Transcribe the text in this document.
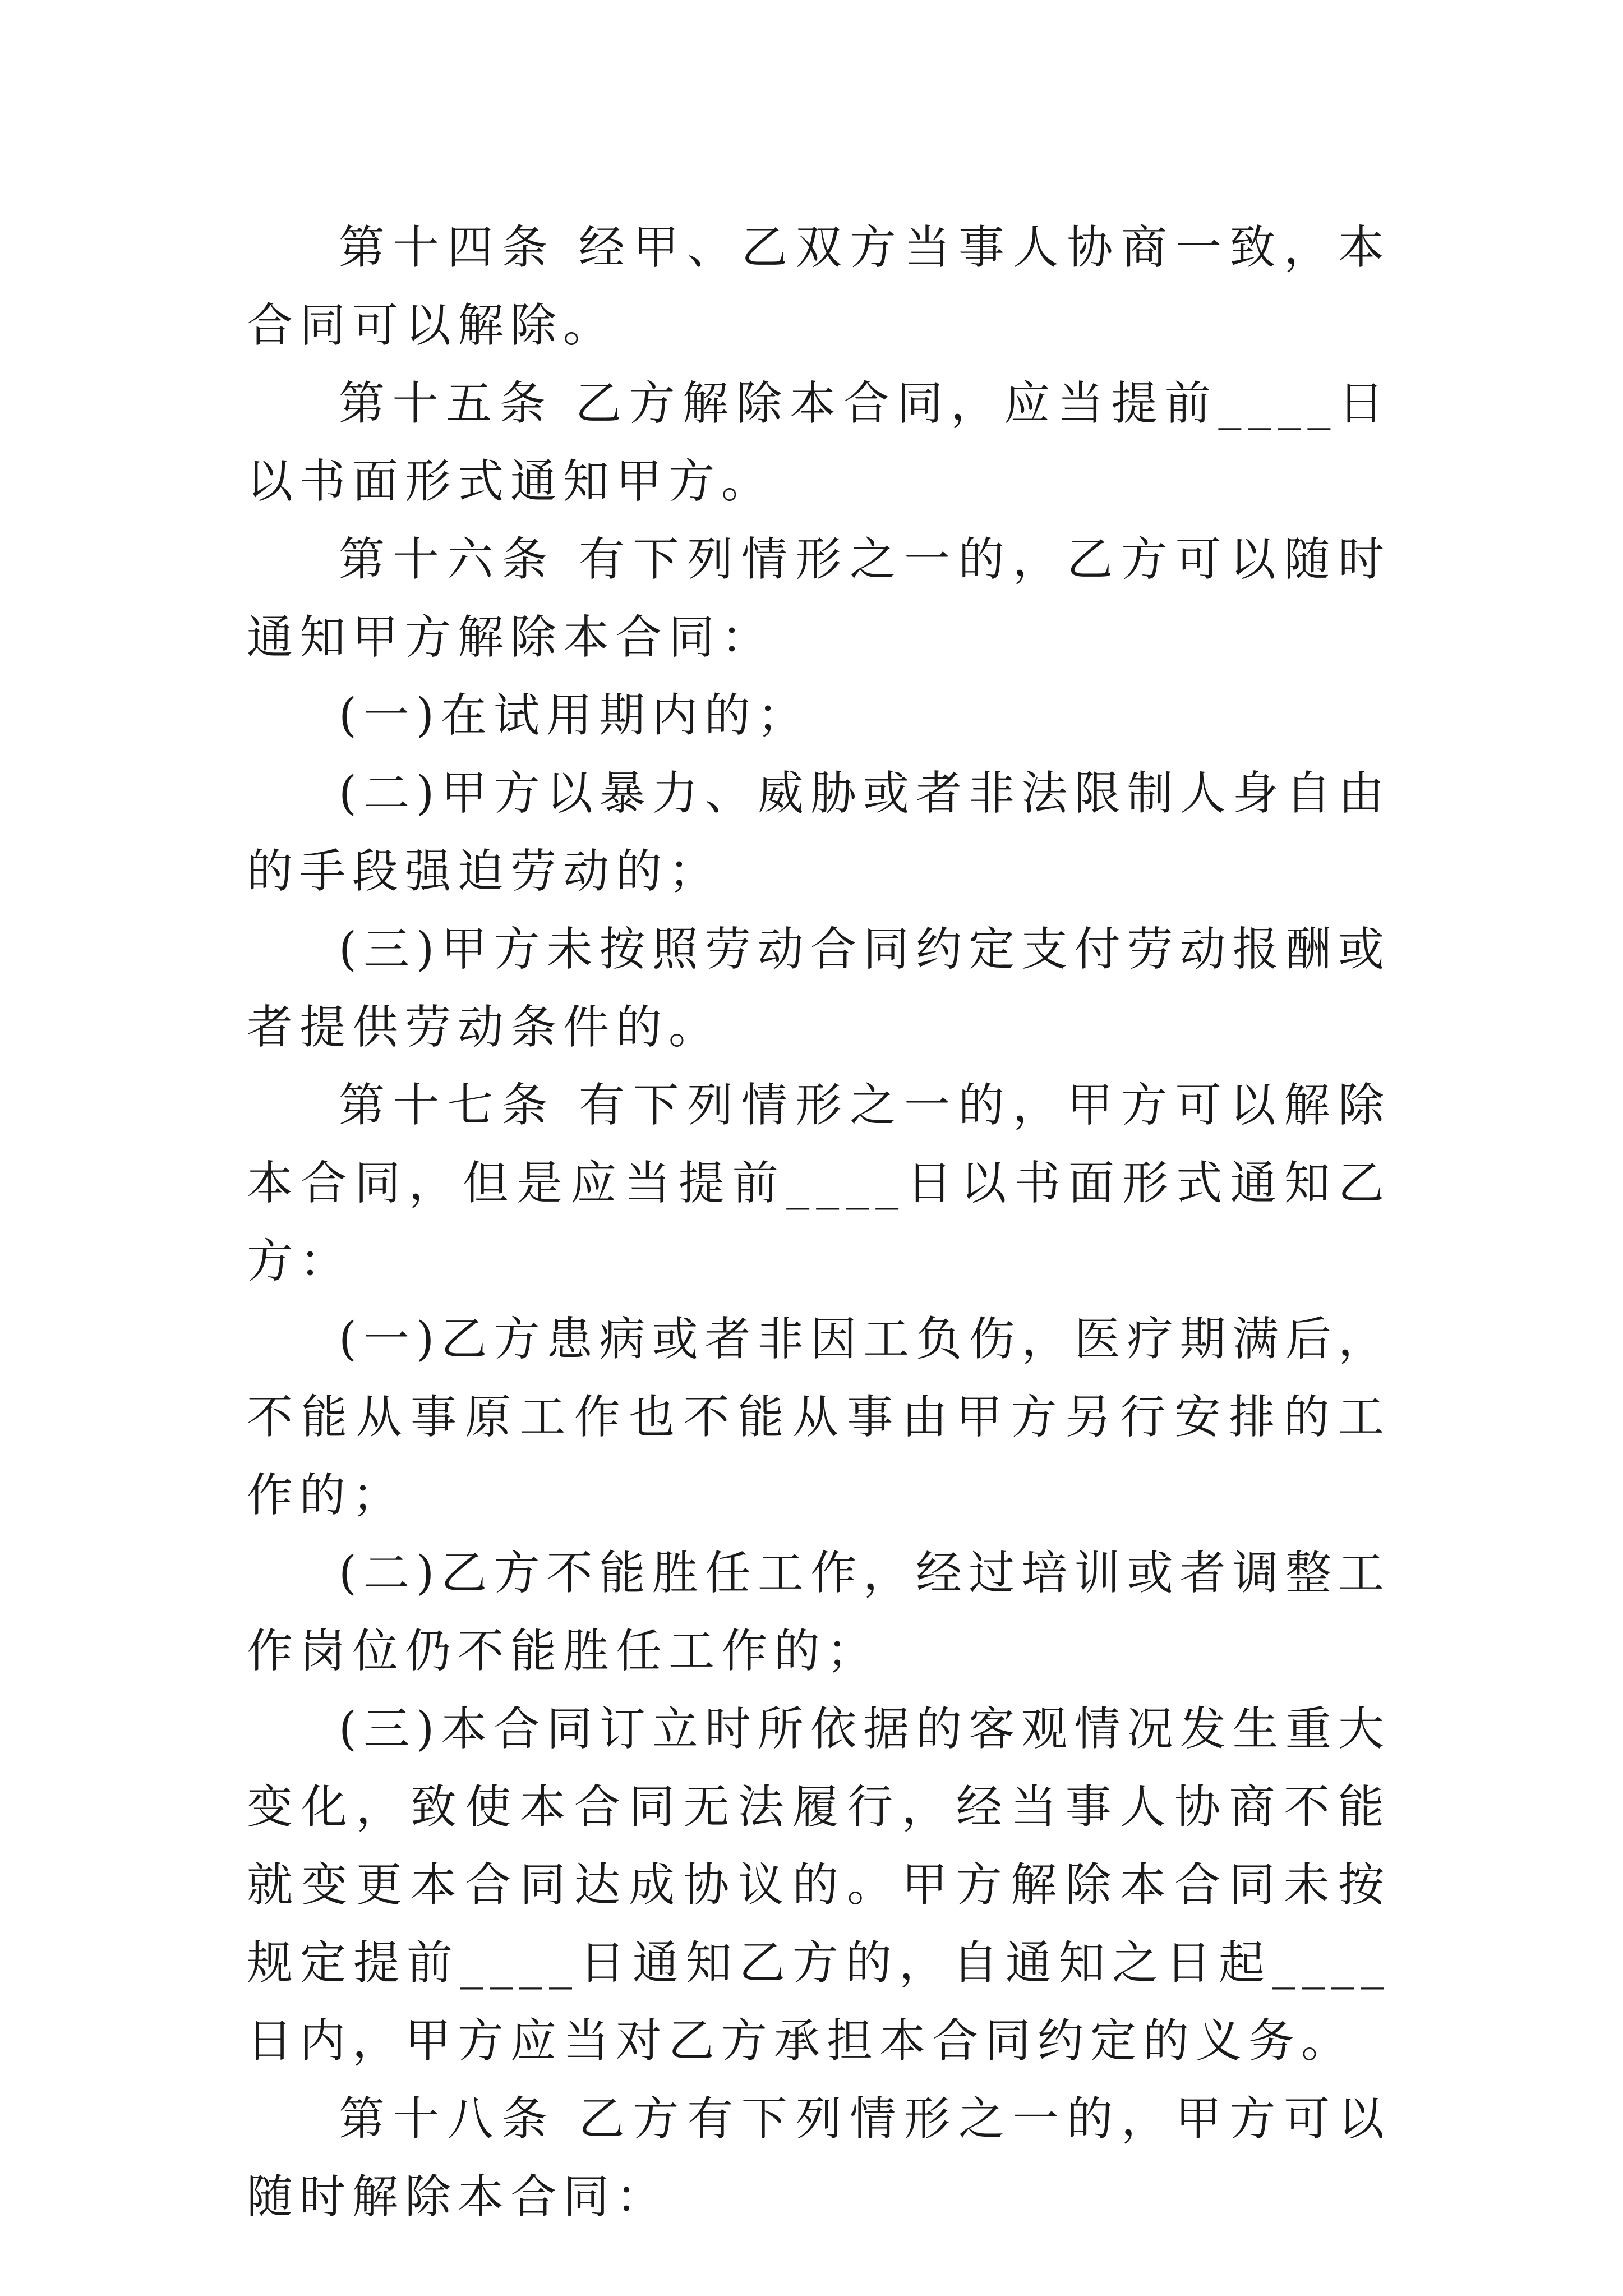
第十四条 经甲、乙双方当事人协商一致，本合同可以解除。

第十五条 乙方解除本合同，应当提前____日以书面形式通知甲方。

第十六条 有下列情形之一的，乙方可以随时通知甲方解除本合同：

(一)在试用期内的；

(二)甲方以暴力、威胁或者非法限制人身自由的手段强迫劳动的；

(三)甲方未按照劳动合同约定支付劳动报酬或者提供劳动条件的。

第十七条 有下列情形之一的，甲方可以解除本合同，但是应当提前____日以书面形式通知乙方：

(一)乙方患病或者非因工负伤，医疗期满后，不能从事原工作也不能从事由甲方另行安排的工作的；

(二)乙方不能胜任工作，经过培训或者调整工作岗位仍不能胜任工作的；

(三)本合同订立时所依据的客观情况发生重大变化，致使本合同无法履行，经当事人协商不能就变更本合同达成协议的。甲方解除本合同未按规定提前____日通知乙方的，自通知之日起____日内，甲方应当对乙方承担本合同约定的义务。

第十八条 乙方有下列情形之一的，甲方可以随时解除本合同：
